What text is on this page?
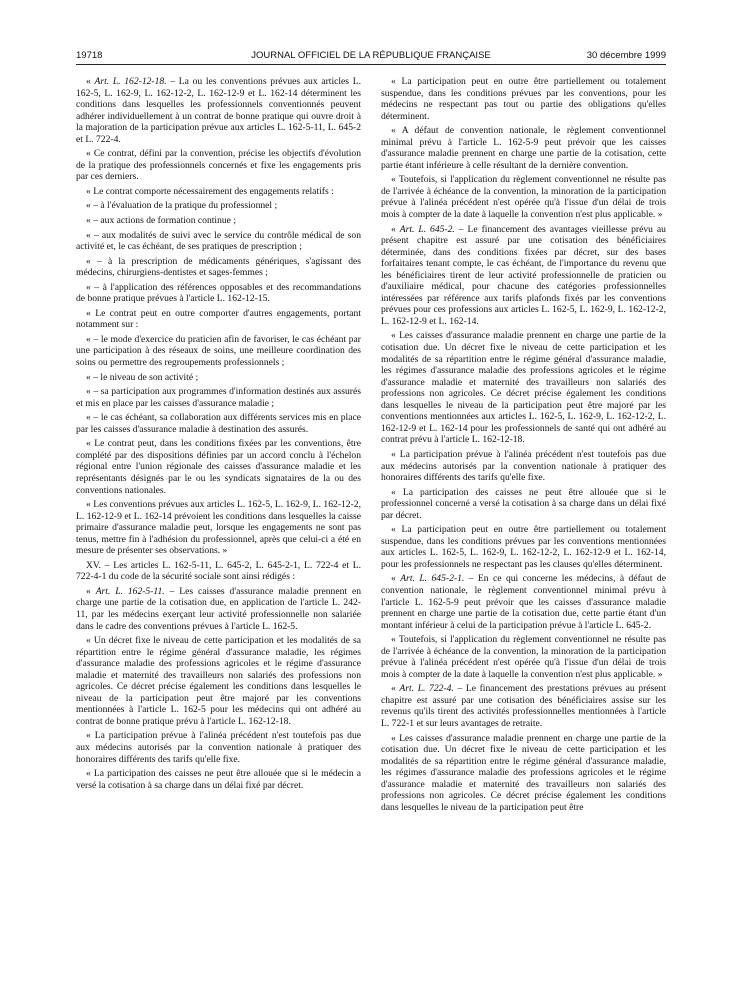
JOURNAL OFFICIEL DE LA RÉPUBLIQUE FRANÇAISE
19718	30 décembre 1999

« Art. L. 162-12-18. – La ou les conventions prévues aux articles L. 162-5, L. 162-9, L. 162-12-2, L. 162-12-9 et L. 162-14 déterminent les conditions dans lesquelles les professionnels conventionnés peuvent adhérer individuellement à un contrat de bonne pratique qui ouvre droit à la majoration de la participation prévue aux articles L. 162-5-11, L. 645-2 et L. 722-4.

« Ce contrat, défini par la convention, précise les objectifs d'évolution de la pratique des professionnels concernés et fixe les engagements pris par ces derniers.

« Le contrat comporte nécessairement des engagements relatifs :

« – à l'évaluation de la pratique du professionnel ;

« – aux actions de formation continue ;

« – aux modalités de suivi avec le service du contrôle médical de son activité et, le cas échéant, de ses pratiques de prescription ;

« – à la prescription de médicaments génériques, s'agissant des médecins, chirurgiens-dentistes et sages-femmes ;

« – à l'application des références opposables et des recommandations de bonne pratique prévues à l'article L. 162-12-15.

« Le contrat peut en outre comporter d'autres engagements, portant notamment sur :

« – le mode d'exercice du praticien afin de favoriser, le cas échéant par une participation à des réseaux de soins, une meilleure coordination des soins ou permettre des regroupements professionnels ;

« – le niveau de son activité ;

« – sa participation aux programmes d'information destinés aux assurés et mis en place par les caisses d'assurance maladie ;

« – le cas échéant, sa collaboration aux différents services mis en place par les caisses d'assurance maladie à destination des assurés.

« Le contrat peut, dans les conditions fixées par les conventions, être complété par des dispositions définies par un accord conclu à l'échelon régional entre l'union régionale des caisses d'assurance maladie et les représentants désignés par le ou les syndicats signataires de la ou des conventions nationales.

« Les conventions prévues aux articles L. 162-5, L. 162-9, L. 162-12-2, L. 162-12-9 et L. 162-14 prévoient les conditions dans lesquelles la caisse primaire d'assurance maladie peut, lorsque les engagements ne sont pas tenus, mettre fin à l'adhésion du professionnel, après que celui-ci a été en mesure de présenter ses observations. »

XV. – Les articles L. 162-5-11, L. 645-2, L. 645-2-1, L. 722-4 et L. 722-4-1 du code de la sécurité sociale sont ainsi rédigés :

« Art. L. 162-5-11. – Les caisses d'assurance maladie prennent en charge une partie de la cotisation due, en application de l'article L. 242-11, par les médecins exerçant leur activité professionnelle non salariée dans le cadre des conventions prévues à l'article L. 162-5.

« Un décret fixe le niveau de cette participation et les modalités de sa répartition entre le régime général d'assurance maladie, les régimes d'assurance maladie des professions agricoles et le régime d'assurance maladie et maternité des travailleurs non salariés des professions non agricoles. Ce décret précise également les conditions dans lesquelles le niveau de la participation peut être majoré par les conventions mentionnées à l'article L. 162-5 pour les médecins qui ont adhéré au contrat de bonne pratique prévu à l'article L. 162-12-18.

« La participation prévue à l'alinéa précédent n'est toutefois pas due aux médecins autorisés par la convention nationale à pratiquer des honoraires différents des tarifs qu'elle fixe.

« La participation des caisses ne peut être allouée que si le médecin a versé la cotisation à sa charge dans un délai fixé par décret.

« La participation peut en outre être partiellement ou totalement suspendue, dans les conditions prévues par les conventions, pour les médecins ne respectant pas tout ou partie des obligations qu'elles déterminent.

« A défaut de convention nationale, le règlement conventionnel minimal prévu à l'article L. 162-5-9 peut prévoir que les caisses d'assurance maladie prennent en charge une partie de la cotisation, cette partie étant inférieure à celle résultant de la dernière convention.

« Toutefois, si l'application du règlement conventionnel ne résulte pas de l'arrivée à échéance de la convention, la minoration de la participation prévue à l'alinéa précédent n'est opérée qu'à l'issue d'un délai de trois mois à compter de la date à laquelle la convention n'est plus applicable. »

« Art. L. 645-2. – Le financement des avantages vieillesse prévu au présent chapitre est assuré par une cotisation des bénéficiaires déterminée, dans des conditions fixées par décret, sur des bases forfaitaires tenant compte, le cas échéant, de l'importance du revenu que les bénéficiaires tirent de leur activité professionnelle de praticien ou d'auxiliaire médical, pour chacune des catégories professionnelles intéressées par référence aux tarifs plafonds fixés par les conventions prévues pour ces professions aux articles L. 162-5, L. 162-9, L. 162-12-2, L. 162-12-9 et L. 162-14.

« Les caisses d'assurance maladie prennent en charge une partie de la cotisation due. Un décret fixe le niveau de cette participation et les modalités de sa répartition entre le régime général d'assurance maladie, les régimes d'assurance maladie des professions agricoles et le régime d'assurance maladie et maternité des travailleurs non salariés des professions non agricoles. Ce décret précise également les conditions dans lesquelles le niveau de la participation peut être majoré par les conventions mentionnées aux articles L. 162-5, L. 162-9, L. 162-12-2, L. 162-12-9 et L. 162-14 pour les professionnels de santé qui ont adhéré au contrat prévu à l'article L. 162-12-18.

« La participation prévue à l'alinéa précédent n'est toutefois pas due aux médecins autorisés par la convention nationale à pratiquer des honoraires différents des tarifs qu'elle fixe.

« La participation des caisses ne peut être allouée que si le professionnel concerné a versé la cotisation à sa charge dans un délai fixé par décret.

« La participation peut en outre être partiellement ou totalement suspendue, dans les conditions prévues par les conventions mentionnées aux articles L. 162-5, L. 162-9, L. 162-12-2, L. 162-12-9 et L. 162-14, pour les professionnels ne respectant pas les clauses qu'elles déterminent.

« Art. L. 645-2-1. – En ce qui concerne les médecins, à défaut de convention nationale, le règlement conventionnel minimal prévu à l'article L. 162-5-9 peut prévoir que les caisses d'assurance maladie prennent en charge une partie de la cotisation due, cette partie étant d'un montant inférieur à celui de la participation prévue à l'article L. 645-2.

« Toutefois, si l'application du règlement conventionnel ne résulte pas de l'arrivée à échéance de la convention, la minoration de la participation prévue à l'alinéa précédent n'est opérée qu'à l'issue d'un délai de trois mois à compter de la date à laquelle la convention n'est plus applicable. »

« Art. L. 722-4. – Le financement des prestations prévues au présent chapitre est assuré par une cotisation des bénéficiaires assise sur les revenus qu'ils tirent des activités professionnelles mentionnées à l'article L. 722-1 et sur leurs avantages de retraite.

« Les caisses d'assurance maladie prennent en charge une partie de la cotisation due. Un décret fixe le niveau de cette participation et les modalités de sa répartition entre le régime général d'assurance maladie, les régimes d'assurance maladie des professions agricoles et le régime d'assurance maladie et maternité des travailleurs non salariés des professions non agricoles. Ce décret précise également les conditions dans lesquelles le niveau de la participation peut être
